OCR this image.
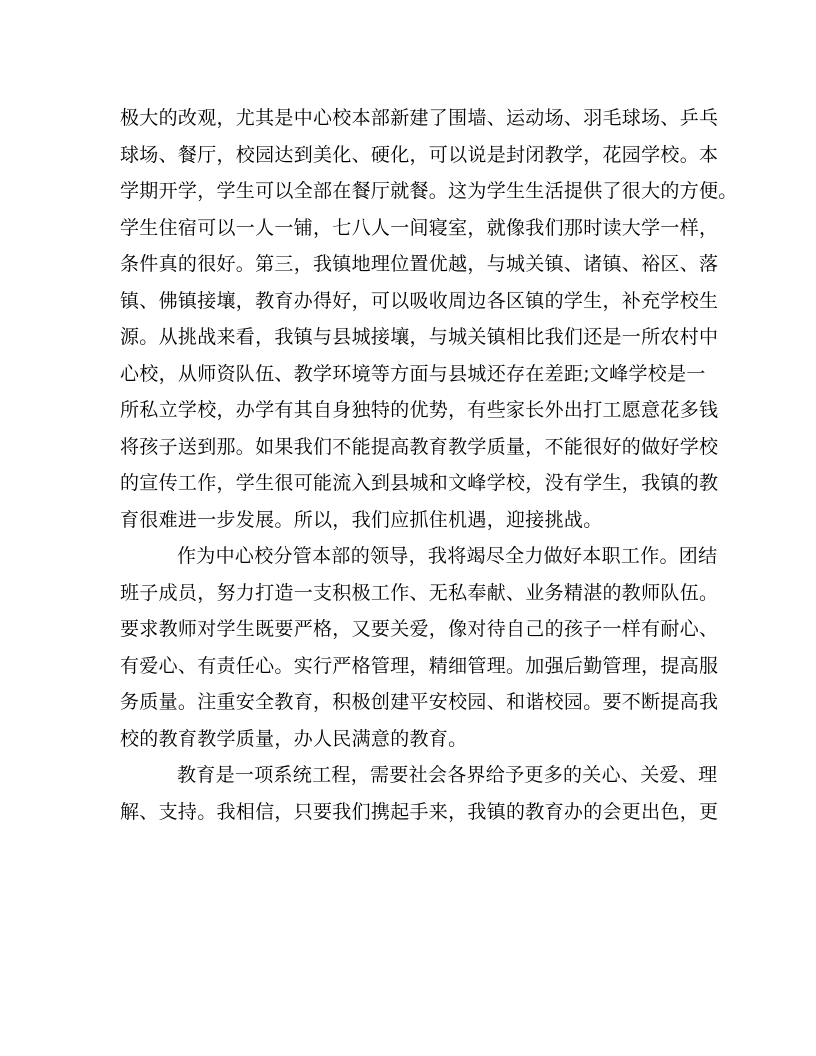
极大的改观，尤其是中心校本部新建了围墙、运动场、羽毛球场、乒乓
球场、餐厅，校园达到美化、硬化，可以说是封闭教学，花园学校。本
学期开学，学生可以全部在餐厅就餐。这为学生生活提供了很大的方便。
学生住宿可以一人一铺，七八人一间寝室，就像我们那时读大学一样，
条件真的很好。第三，我镇地理位置优越，与城关镇、诸镇、裕区、落
镇、佛镇接壤，教育办得好，可以吸收周边各区镇的学生，补充学校生
源。从挑战来看，我镇与县城接壤，与城关镇相比我们还是一所农村中
心校，从师资队伍、教学环境等方面与县城还存在差距;文峰学校是一
所私立学校，办学有其自身独特的优势，有些家长外出打工愿意花多钱
将孩子送到那。如果我们不能提高教育教学质量，不能很好的做好学校
的宣传工作，学生很可能流入到县城和文峰学校，没有学生，我镇的教
育很难进一步发展。所以，我们应抓住机遇，迎接挑战。
作为中心校分管本部的领导，我将竭尽全力做好本职工作。团结
班子成员，努力打造一支积极工作、无私奉献、业务精湛的教师队伍。
要求教师对学生既要严格，又要关爱，像对待自己的孩子一样有耐心、
有爱心、有责任心。实行严格管理，精细管理。加强后勤管理，提高服
务质量。注重安全教育，积极创建平安校园、和谐校园。要不断提高我
校的教育教学质量，办人民满意的教育。
教育是一项系统工程，需要社会各界给予更多的关心、关爱、理
解、支持。我相信，只要我们携起手来，我镇的教育办的会更出色，更
